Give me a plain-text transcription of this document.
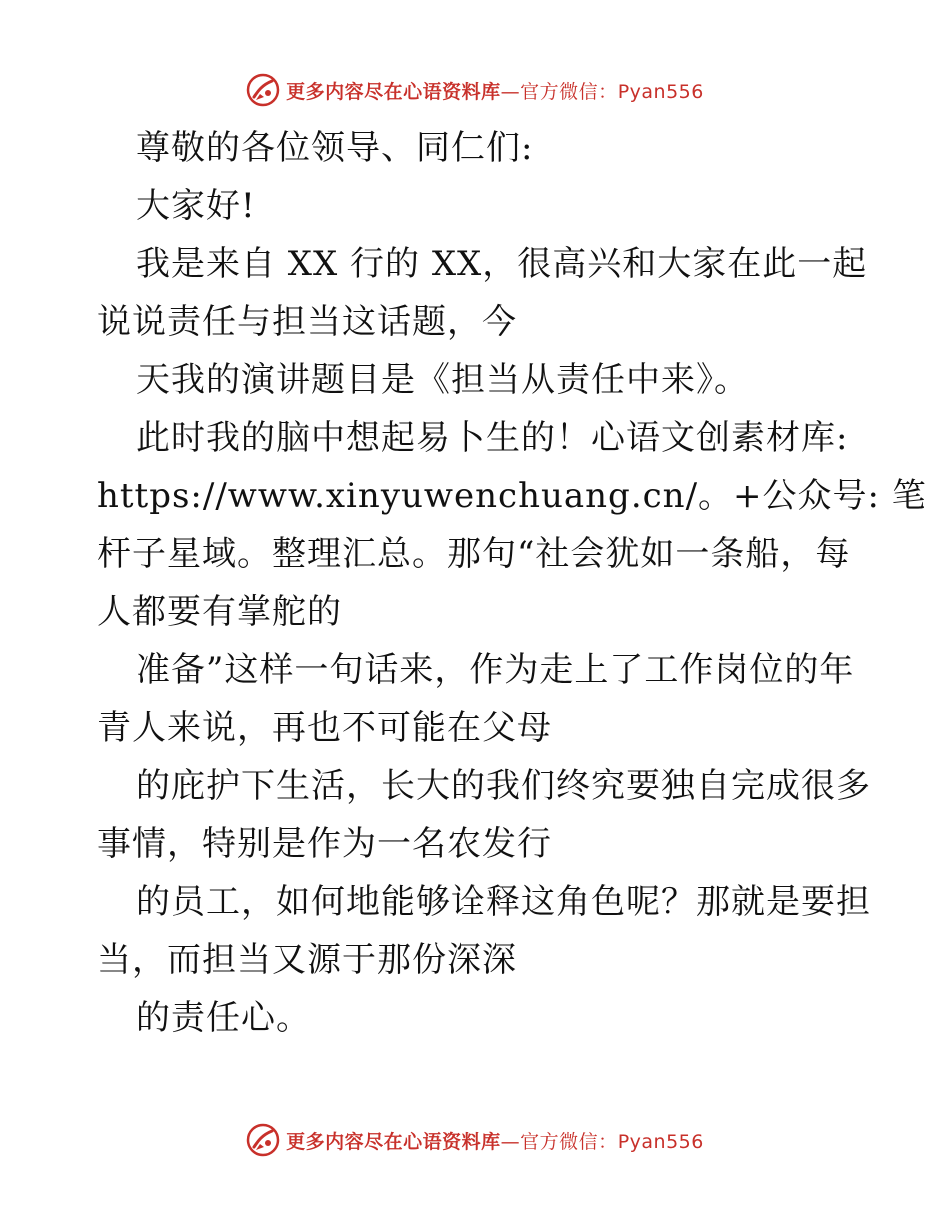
更多内容尽在心语资料库—官方微信：Pyan556
尊敬的各位领导、同仁们:
大家好!
我是来自 XX 行的 XX，很高兴和大家在此一起
说说责任与担当这话题，今
天我的演讲题目是《担当从责任中来》。
此时我的脑中想起易卜生的！心语文创素材库:
https://www.xinyuwenchuang.cn/。+公众号: 笔
杆子星域。整理汇总。那句“社会犹如一条船，每
人都要有掌舵的
准备”这样一句话来，作为走上了工作岗位的年
青人来说，再也不可能在父母
的庇护下生活，长大的我们终究要独自完成很多
事情，特别是作为一名农发行
的员工，如何地能够诠释这角色呢？那就是要担
当，而担当又源于那份深深
的责任心。
更多内容尽在心语资料库—官方微信：Pyan556
